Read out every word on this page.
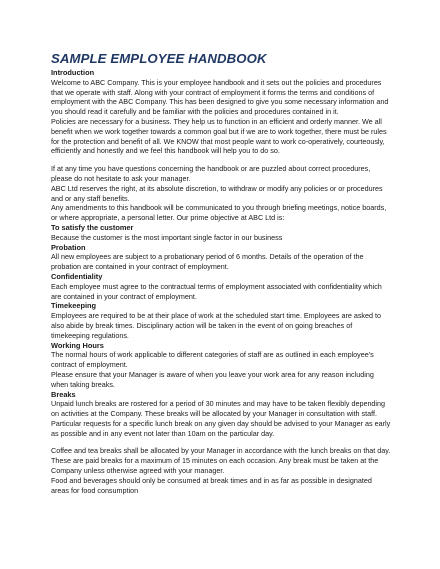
SAMPLE EMPLOYEE HANDBOOK
Introduction
Welcome to ABC Company. This is your employee handbook and it sets out the policies and procedures that we operate with staff. Along with your contract of employment it forms the terms and conditions of employment with the ABC Company. This has been designed to give you some necessary information and you should read it carefully and be familiar with the policies and procedures contained in it.
Policies are necessary for a business. They help us to function in an efficient and orderly manner. We all benefit when we work together towards a common goal but if we are to work together, there must be rules for the protection and benefit of all. We KNOW that most people want to work co-operatively, courteously, efficiently and honestly and we feel this handbook will help you to do so.
If at any time you have questions concerning the handbook or are puzzled about correct procedures, please do not hesitate to ask your manager.
ABC Ltd reserves the right, at its absolute discretion, to withdraw or modify any policies or or procedures and or any staff benefits.
Any amendments to this handbook will be communicated to you through briefing meetings, notice boards, or where appropriate, a personal letter. Our prime objective at ABC Ltd is:
To satisfy the customer
Because the customer is the most important single factor in our business
Probation
All new employees are subject to a probationary period of 6 months. Details of the operation of the probation are contained in your contract of employment.
Confidentiality
Each employee must agree to the contractual terms of employment associated with confidentiality which are contained in your contract of employment.
Timekeeping
Employees are required to be at their place of work at the scheduled start time. Employees are asked to also abide by break times. Disciplinary action will be taken in the event of on going breaches of timekeeping regulations.
Working Hours
The normal hours of work applicable to different categories of staff are as outlined in each employee's contract of employment.
Please ensure that your Manager is aware of when you leave your work area for any reason including when taking breaks.
Breaks
Unpaid lunch breaks are rostered for a period of 30 minutes and may have to be taken flexibly depending on activities at the Company. These breaks will be allocated by your Manager in consultation with staff.
Particular requests for a specific lunch break on any given day should be advised to your Manager as early as possible and in any event not later than 10am on the particular day.
Coffee and tea breaks shall be allocated by your Manager in accordance with the lunch breaks on that day. These are paid breaks for a maximum of 15 minutes on each occasion. Any break must be taken at the Company unless otherwise agreed with your manager.
Food and beverages should only be consumed at break times and in as far as possible in designated areas for food consumption
